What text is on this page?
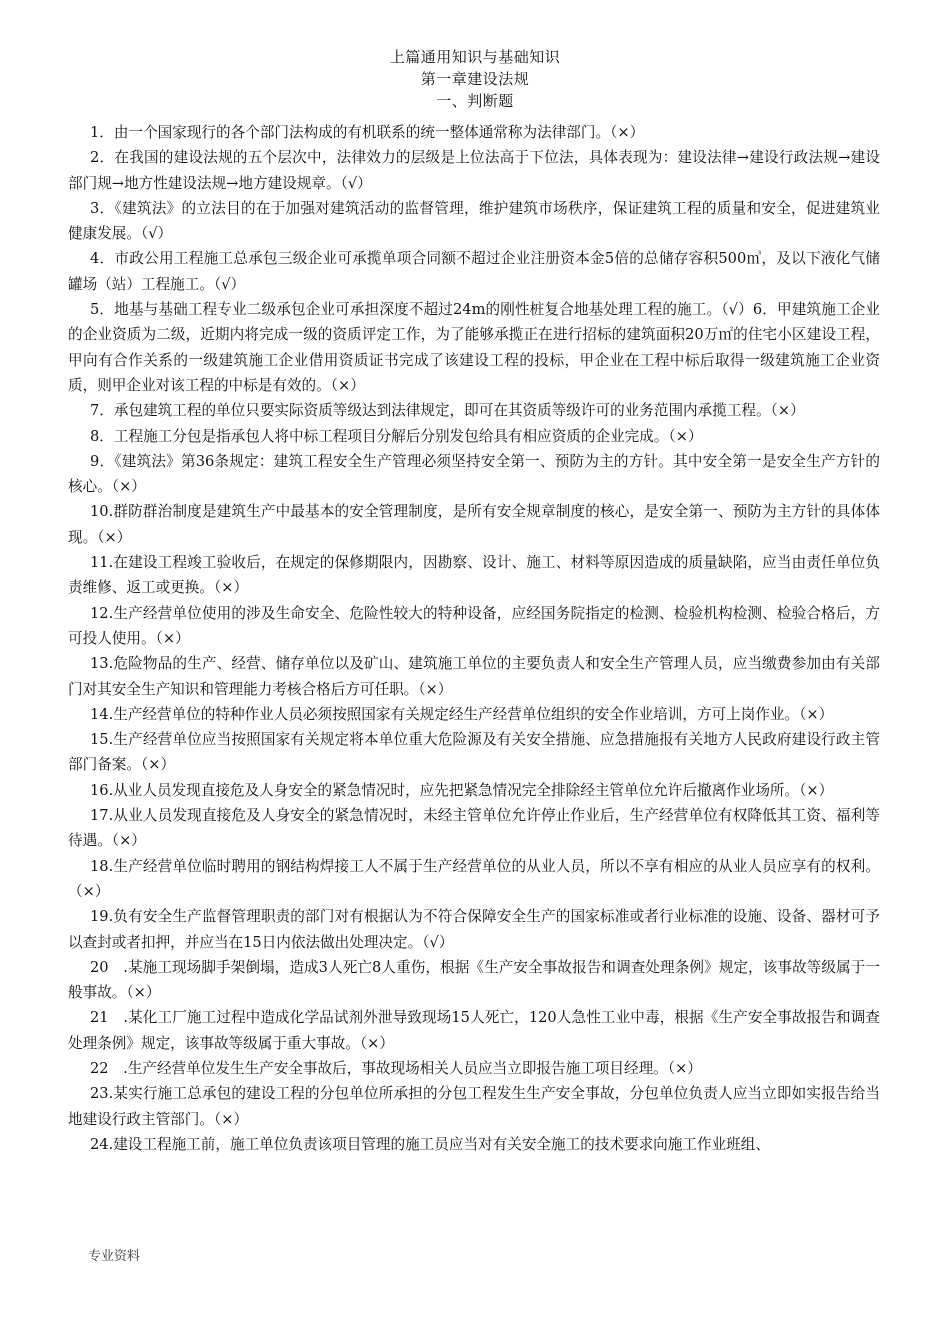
上篇通用知识与基础知识
第一章建设法规
一、判断题

1．由一个国家现行的各个部门法构成的有机联系的统一整体通常称为法律部门。（×）

2．在我国的建设法规的五个层次中，法律效力的层级是上位法高于下位法，具体表现为：建设法律→建设行政法规→建设部门规→地方性建设法规→地方建设规章。（√）

3．《建筑法》的立法目的在于加强对建筑活动的监督管理，维护建筑市场秩序，保证建筑工程的质量和安全，促进建筑业健康发展。（√）

4．市政公用工程施工总承包三级企业可承揽单项合同额不超过企业注册资本金5倍的总储存容积500㎥，及以下液化气储罐场（站）工程施工。（√）

5．地基与基础工程专业二级承包企业可承担深度不超过24m的刚性桩复合地基处理工程的施工。（√）6．甲建筑施工企业的企业资质为二级，近期内将完成一级的资质评定工作，为了能够承揽正在进行招标的建筑面积20万㎡的住宅小区建设工程，甲向有合作关系的一级建筑施工企业借用资质证书完成了该建设工程的投标，甲企业在工程中标后取得一级建筑施工企业资质，则甲企业对该工程的中标是有效的。（×）

7．承包建筑工程的单位只要实际资质等级达到法律规定，即可在其资质等级许可的业务范围内承揽工程。（×）

8．工程施工分包是指承包人将中标工程项目分解后分别发包给具有相应资质的企业完成。（×）

9．《建筑法》第36条规定：建筑工程安全生产管理必须坚持安全第一、预防为主的方针。其中安全第一是安全生产方针的核心。（×）

10.群防群治制度是建筑生产中最基本的安全管理制度，是所有安全规章制度的核心，是安全第一、预防为主方针的具体体现。（×）

11.在建设工程竣工验收后，在规定的保修期限内，因勘察、设计、施工、材料等原因造成的质量缺陷，应当由责任单位负责维修、返工或更换。（×）

12.生产经营单位使用的涉及生命安全、危险性较大的特种设备，应经国务院指定的检测、检验机构检测、检验合格后，方可投人使用。（×）

13.危险物品的生产、经营、储存单位以及矿山、建筑施工单位的主要负责人和安全生产管理人员，应当缴费参加由有关部门对其安全生产知识和管理能力考核合格后方可任职。（×）

14.生产经营单位的特种作业人员必须按照国家有关规定经生产经营单位组织的安全作业培训，方可上岗作业。（×）

15.生产经营单位应当按照国家有关规定将本单位重大危险源及有关安全措施、应急措施报有关地方人民政府建设行政主管部门备案。（×）

16.从业人员发现直接危及人身安全的紧急情况时，应先把紧急情况完全排除经主管单位允许后撤离作业场所。（×）

17.从业人员发现直接危及人身安全的紧急情况时，未经主管单位允许停止作业后，生产经营单位有权降低其工资、福利等待遇。（×）

18.生产经营单位临时聘用的钢结构焊接工人不属于生产经营单位的从业人员，所以不享有相应的从业人员应享有的权利。（×）

19.负有安全生产监督管理职责的部门对有根据认为不符合保障安全生产的国家标准或者行业标准的设施、设备、器材可予以查封或者扣押，并应当在15日内依法做出处理决定。（√）

20　.某施工现场脚手架倒塌，造成3人死亡8人重伤，根据《生产安全事故报告和调查处理条例》规定，该事故等级属于一般事故。（×）

21　.某化工厂施工过程中造成化学品试剂外泄导致现场15人死亡，120人急性工业中毒，根据《生产安全事故报告和调查处理条例》规定，该事故等级属于重大事故。（×）

22　.生产经营单位发生生产安全事故后，事故现场相关人员应当立即报告施工项目经理。（×）

23.某实行施工总承包的建设工程的分包单位所承担的分包工程发生生产安全事故，分包单位负责人应当立即如实报告给当地建设行政主管部门。（×）

24.建设工程施工前，施工单位负责该项目管理的施工员应当对有关安全施工的技术要求向施工作业班组、

专业资料
